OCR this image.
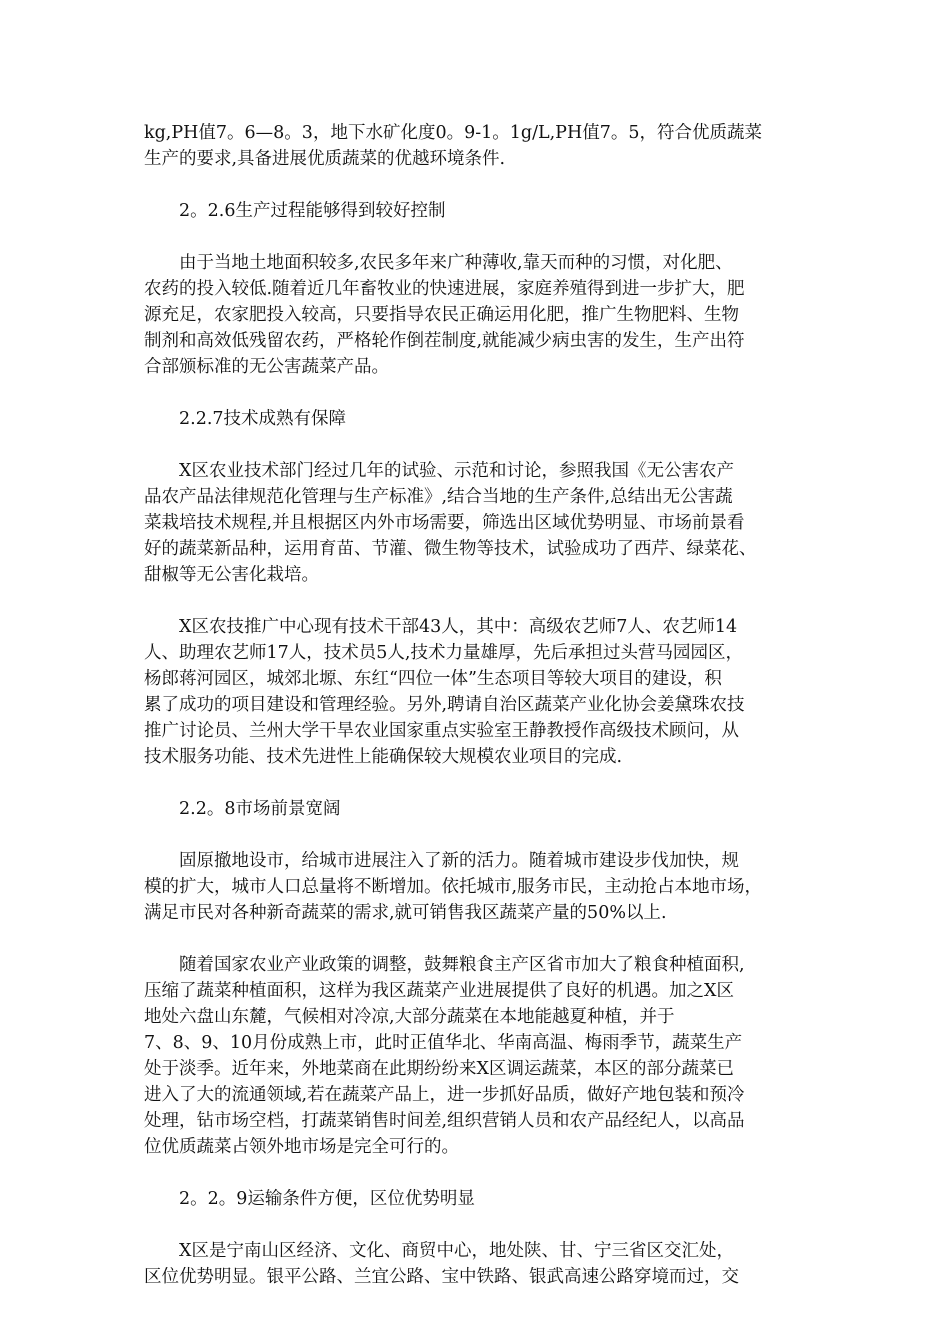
kg,PH值7。6—8。3，地下水矿化度0。9-1。1g/L,PH值7。5，符合优质蔬菜
生产的要求,具备进展优质蔬菜的优越环境条件.
2。2.6生产过程能够得到较好控制
由于当地土地面积较多,农民多年来广种薄收,靠天而种的习惯，对化肥、
农药的投入较低.随着近几年畜牧业的快速进展，家庭养殖得到进一步扩大，肥
源充足，农家肥投入较高，只要指导农民正确运用化肥，推广生物肥料、生物
制剂和高效低残留农药，严格轮作倒茬制度,就能减少病虫害的发生，生产出符
合部颁标准的无公害蔬菜产品。
2.2.7技术成熟有保障
X区农业技术部门经过几年的试验、示范和讨论，参照我国《无公害农产
品农产品法律规范化管理与生产标准》,结合当地的生产条件,总结出无公害蔬
菜栽培技术规程,并且根据区内外市场需要，筛选出区域优势明显、市场前景看
好的蔬菜新品种，运用育苗、节灌、微生物等技术，试验成功了西芹、绿菜花、
甜椒等无公害化栽培。
X区农技推广中心现有技术干部43人，其中：高级农艺师7人、农艺师14
人、助理农艺师17人，技术员5人,技术力量雄厚，先后承担过头营马园园区，
杨郎蒋河园区，城郊北塬、东红“四位一体”生态项目等较大项目的建设，积
累了成功的项目建设和管理经验。另外,聘请自治区蔬菜产业化协会姜黛珠农技
推广讨论员、兰州大学干旱农业国家重点实验室王静教授作高级技术顾问，从
技术服务功能、技术先进性上能确保较大规模农业项目的完成.
2.2。8市场前景宽阔
固原撤地设市，给城市进展注入了新的活力。随着城市建设步伐加快，规
模的扩大，城市人口总量将不断增加。依托城市,服务市民，主动抢占本地市场，
满足市民对各种新奇蔬菜的需求,就可销售我区蔬菜产量的50%以上.
随着国家农业产业政策的调整，鼓舞粮食主产区省市加大了粮食种植面积,
压缩了蔬菜种植面积，这样为我区蔬菜产业进展提供了良好的机遇。加之X区
地处六盘山东麓，气候相对冷凉,大部分蔬菜在本地能越夏种植，并于
7、8、9、10月份成熟上市，此时正值华北、华南高温、梅雨季节，蔬菜生产
处于淡季。近年来，外地菜商在此期纷纷来X区调运蔬菜，本区的部分蔬菜已
进入了大的流通领域,若在蔬菜产品上，进一步抓好品质，做好产地包装和预冷
处理，钻市场空档，打蔬菜销售时间差,组织营销人员和农产品经纪人，以高品
位优质蔬菜占领外地市场是完全可行的。
2。2。9运输条件方便，区位优势明显
X区是宁南山区经济、文化、商贸中心，地处陕、甘、宁三省区交汇处，
区位优势明显。银平公路、兰宜公路、宝中铁路、银武高速公路穿境而过，交
